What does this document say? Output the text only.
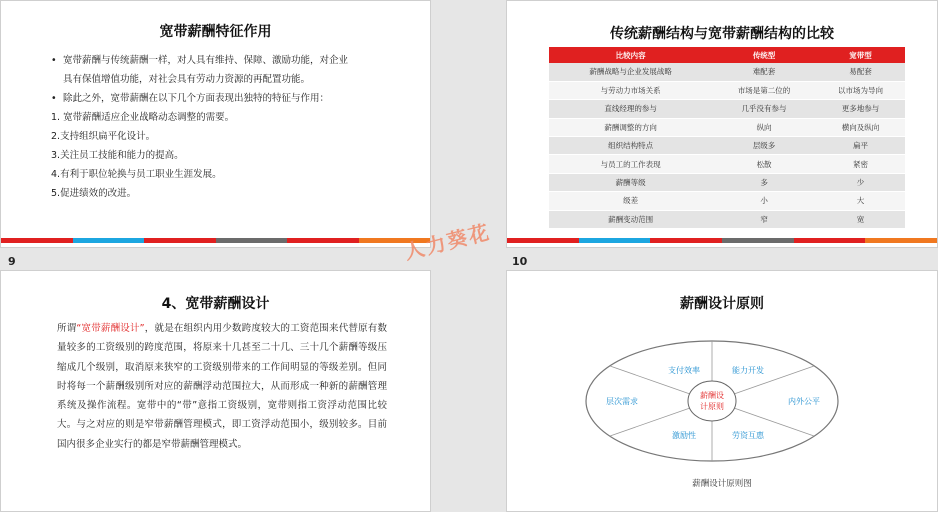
宽带薪酬特征作用
• 宽带薪酬与传统薪酬一样，对人具有维持、保障、激励功能，对企业
具有保值增值功能，对社会具有劳动力资源的再配置功能。
• 除此之外，宽带薪酬在以下几个方面表现出独特的特征与作用：
1. 宽带薪酬适应企业战略动态调整的需要。
2.支持组织扁平化设计。
3.关注员工技能和能力的提高。
4.有利于职位轮换与员工职业生涯发展。
5.促进绩效的改进。
9
传统薪酬结构与宽带薪酬结构的比较
比较内容	传统型	宽带型
薪酬战略与企业发展战略	难配套	易配套
与劳动力市场关系	市场是第二位的	以市场为导向
直线经理的参与	几乎没有参与	更多地参与
薪酬调整的方向	纵向	横向及纵向
组织结构特点	层级多	扁平
与员工的工作表现	松散	紧密
薪酬等级	多	少
级差	小	大
薪酬变动范围	窄	宽
10
4、宽带薪酬设计
所谓“宽带薪酬设计”，就是在组织内用少数跨度较大的工资范围来代替原有数量较多的工资级别的跨度范围，将原来十几甚至二十几、三十几个薪酬等级压缩成几个级别，取消原来狭窄的工资级别带来的工作间明显的等级差别。但同时将每一个薪酬级别所对应的薪酬浮动范围拉大，从而形成一种新的薪酬管理系统及操作流程。宽带中的“带”意指工资级别，宽带则指工资浮动范围比较大。与之对应的则是窄带薪酬管理模式，即工资浮动范围小，级别较多。目前国内很多企业实行的都是窄带薪酬管理模式。
薪酬设计原则
薪酬设
计原则
支付效率	能力开发
内外公平
劳资互惠
激励性
层次需求
薪酬设计原则图
人力葵花
